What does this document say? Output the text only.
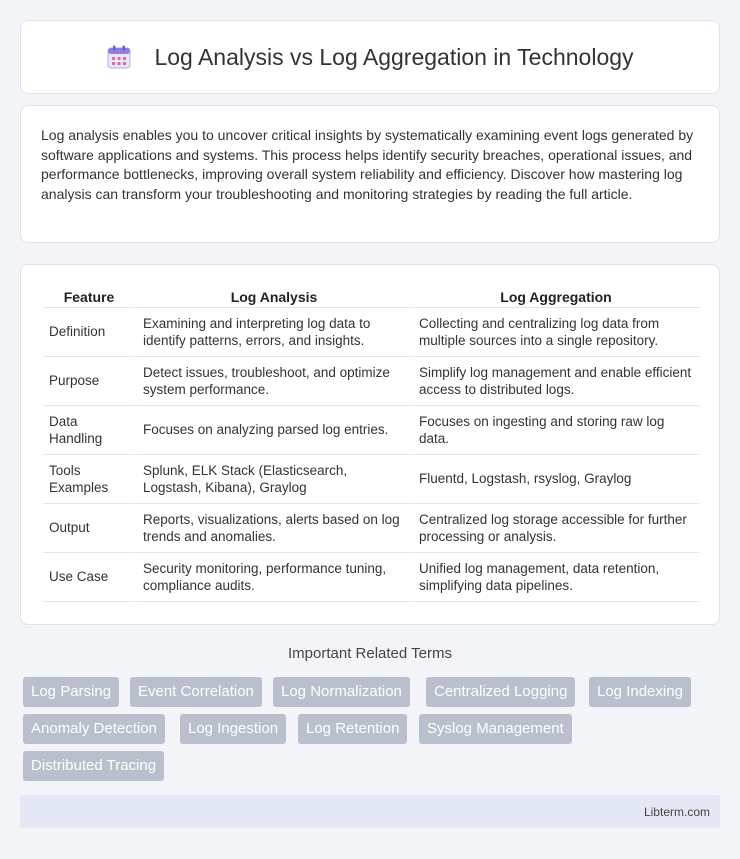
Log Analysis vs Log Aggregation in Technology

Log analysis enables you to uncover critical insights by systematically examining event logs generated by software applications and systems. This process helps identify security breaches, operational issues, and performance bottlenecks, improving overall system reliability and efficiency. Discover how mastering log analysis can transform your troubleshooting and monitoring strategies by reading the full article.

Feature	Log Analysis	Log Aggregation
Definition	Examining and interpreting log data to identify patterns, errors, and insights.	Collecting and centralizing log data from multiple sources into a single repository.
Purpose	Detect issues, troubleshoot, and optimize system performance.	Simplify log management and enable efficient access to distributed logs.
Data Handling	Focuses on analyzing parsed log entries.	Focuses on ingesting and storing raw log data.
Tools Examples	Splunk, ELK Stack (Elasticsearch, Logstash, Kibana), Graylog	Fluentd, Logstash, rsyslog, Graylog
Output	Reports, visualizations, alerts based on log trends and anomalies.	Centralized log storage accessible for further processing or analysis.
Use Case	Security monitoring, performance tuning, compliance audits.	Unified log management, data retention, simplifying data pipelines.
Important Related Terms
Log Parsing	Event Correlation	Log Normalization	Centralized Logging	Log Indexing
Anomaly Detection	Log Ingestion	Log Retention	Syslog Management
Distributed Tracing
Libterm.com
